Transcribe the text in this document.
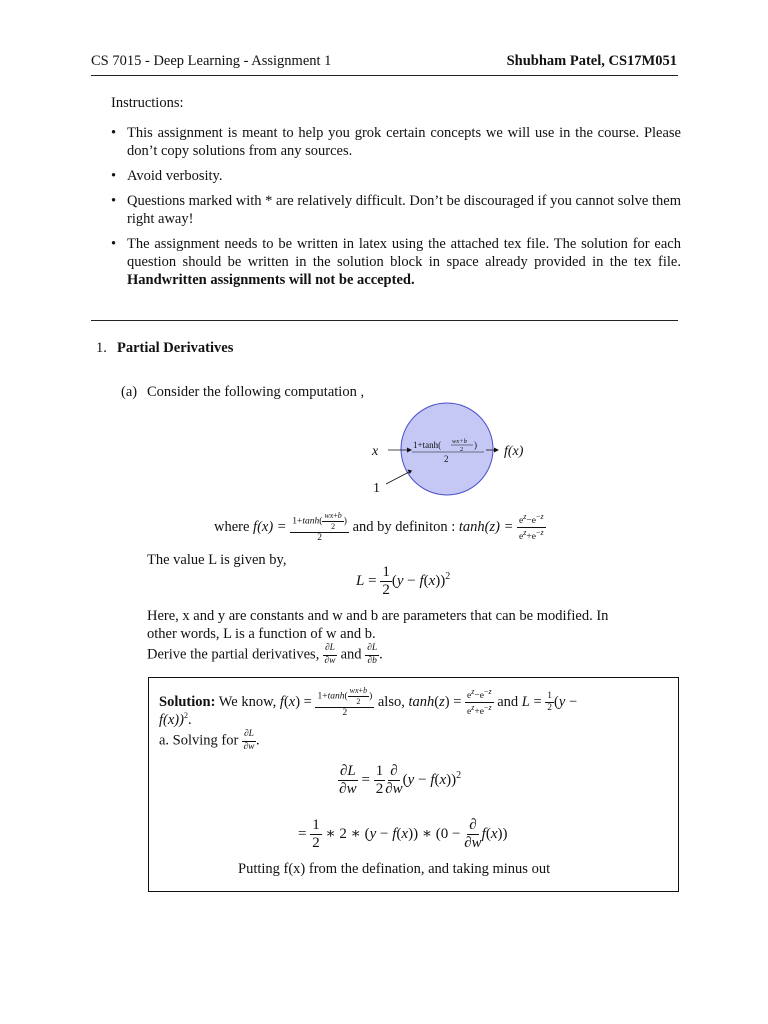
CS 7015 - Deep Learning - Assignment 1	Shubham Patel, CS17M051
Instructions:
• This assignment is meant to help you grok certain concepts we will use in the course. Please don’t copy solutions from any sources.
• Avoid verbosity.
• Questions marked with * are relatively difficult. Don’t be discouraged if you cannot solve them right away!
• The assignment needs to be written in latex using the attached tex file. The solution for each question should be written in the solution block in space already provided in the tex file. Handwritten assignments will not be accepted.
1. Partial Derivatives
(a) Consider the following computation ,
x
1
f(x)
1+tanh( wx+b
2 )
2
where $f(x) = \frac{1+\tanh( \frac{wx+b}{2} )}{2}$ and by definiton : $\tanh(z) = \frac{e^z-e^{-z}}{e^z+e^{-z}}$
The value L is given by,
$L = \frac{1}{2} (y - f(x))^2$
Here, x and y are constants and w and b are parameters that can be modified. In
other words, L is a function of w and b.
Derive the partial derivatives, $\frac{\partial L}{\partial w}$ and $\frac{\partial L}{\partial b}$ .
Solution: We know, $f(x) = \frac{1+\tanh( \frac{wx+b}{2} )}{2}$ also, $\tanh(z) = \frac{e^z-e^{-z}}{e^z+e^{-z}}$ and $L = \frac{1}{2} (y$ −
f(x))$^2$.
a. Solving for $\frac{\partial L}{\partial w}$ .
$\frac{\partial L}{\partial w} = \frac{1}{2} \frac{\partial}{\partial w} (y - f(x))^2$
= $\frac{1}{2}$ ∗ 2 ∗ (y − f(x)) ∗ $(0 - \frac{\partial}{\partial w} f(x))$
Putting f(x) from the defination, and taking minus out
